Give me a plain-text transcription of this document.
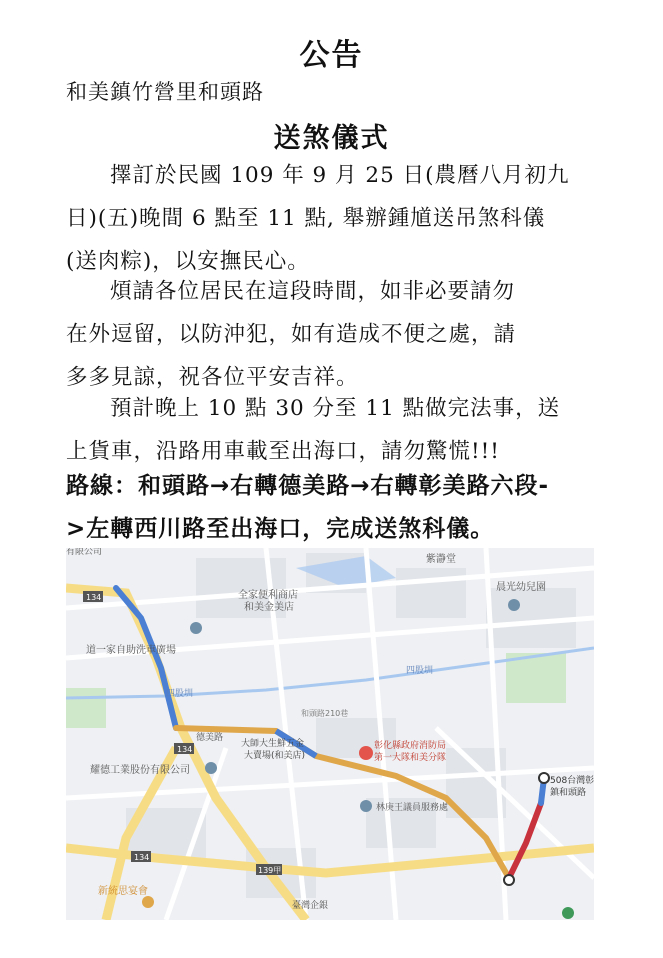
公告
和美鎮竹營里和頭路
送煞儀式
擇訂於民國 109 年 9 月 25 日(農曆八月初九
日)(五)晚間 6 點至 11 點, 舉辦鍾馗送吊煞科儀
(送肉粽)，以安撫民心。
煩請各位居民在這段時間，如非必要請勿
在外逗留，以防沖犯，如有造成不便之處，請
多多見諒，祝各位平安吉祥。
預計晚上 10 點 30 分至 11 點做完法事，送
上貨車，沿路用車載至出海口，請勿驚慌!!!
路線：和頭路→右轉德美路→右轉彰美路六段-
>左轉西川路至出海口，完成送煞科儀。
有限公司
紫瀞堂
晨光幼兒園
全家便利商店
和美金美店
道一家自助洗車廣場
四股圳
四股圳
和頭路210巷
德美路
大師大生鮮五金
大賣場(和美店)
彰化縣政府消防局
第一大隊和美分隊
耀德工業股份有限公司
林庚王議員服務處
508台灣彰
鎮和頭路
新統思宴會
臺灣企銀
134
134
134
139甲
